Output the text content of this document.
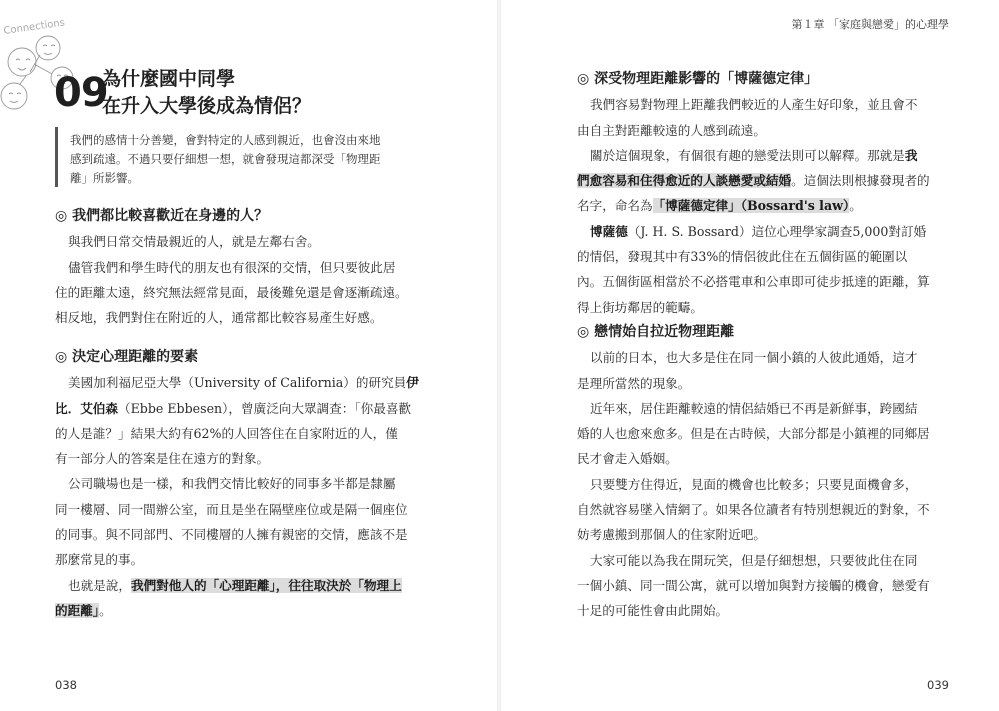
Connections
09
為什麼國中同學
在升入大學後成為情侶？
我們的感情十分善變，會對特定的人感到親近，也會沒由來地
感到疏遠。不過只要仔細想一想，就會發現這都深受「物理距
離」所影響。
◎ 我們都比較喜歡近在身邊的人？
與我們日常交情最親近的人，就是左鄰右舍。
儘管我們和學生時代的朋友也有很深的交情，但只要彼此居
住的距離太遠，終究無法經常見面，最後難免還是會逐漸疏遠。
相反地，我們對住在附近的人，通常都比較容易產生好感。
◎ 決定心理距離的要素
美國加利福尼亞大學（University of California）的研究員伊
比．艾伯森（Ebbe Ebbesen），曾廣泛向大眾調查：「你最喜歡
的人是誰？」結果大約有62%的人回答住在自家附近的人，僅
有一部分人的答案是住在遠方的對象。
公司職場也是一樣，和我們交情比較好的同事多半都是隸屬
同一樓層、同一間辦公室，而且是坐在隔壁座位或是隔一個座位
的同事。與不同部門、不同樓層的人擁有親密的交情，應該不是
那麼常見的事。
也就是說，我們對他人的「心理距離」，往往取決於「物理上
的距離」。
038
第１章 「家庭與戀愛」的心理學
◎ 深受物理距離影響的「博薩德定律」
我們容易對物理上距離我們較近的人產生好印象，並且會不
由自主對距離較遠的人感到疏遠。
關於這個現象，有個很有趣的戀愛法則可以解釋。那就是我
們愈容易和住得愈近的人談戀愛或結婚。這個法則根據發現者的
名字，命名為「博薩德定律」（Bossard's law）。
博薩德（J. H. S. Bossard）這位心理學家調查5,000對訂婚
的情侶，發現其中有33%的情侶彼此住在五個街區的範圍以
內。五個街區相當於不必搭電車和公車即可徒步抵達的距離，算
得上街坊鄰居的範疇。
◎ 戀情始自拉近物理距離
以前的日本，也大多是住在同一個小鎮的人彼此通婚，這才
是理所當然的現象。
近年來，居住距離較遠的情侶結婚已不再是新鮮事，跨國結
婚的人也愈來愈多。但是在古時候，大部分都是小鎮裡的同鄉居
民才會走入婚姻。
只要雙方住得近，見面的機會也比較多；只要見面機會多，
自然就容易墜入情網了。如果各位讀者有特別想親近的對象，不
妨考慮搬到那個人的住家附近吧。
大家可能以為我在開玩笑，但是仔細想想，只要彼此住在同
一個小鎮、同一間公寓，就可以增加與對方接觸的機會，戀愛有
十足的可能性會由此開始。
039
